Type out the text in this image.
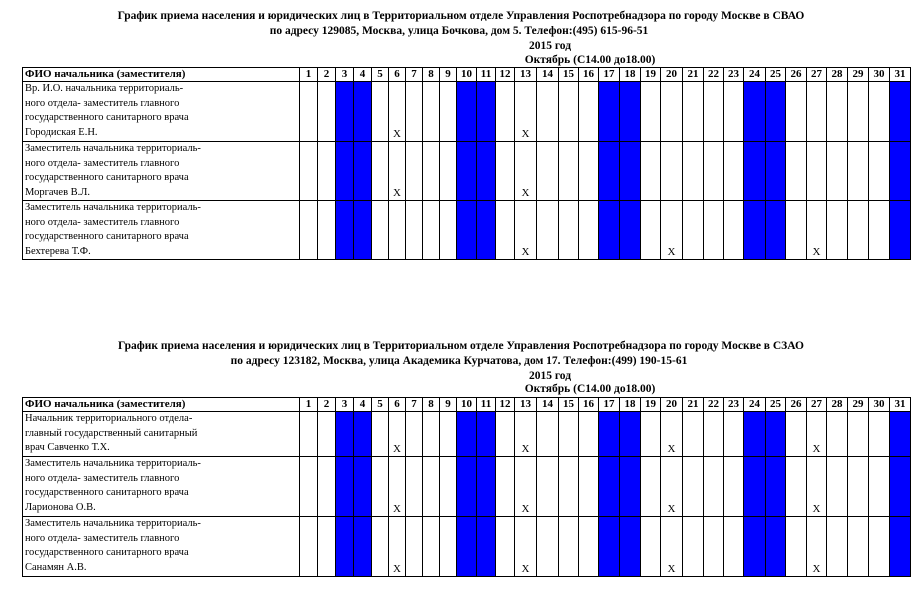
График приема населения и юридических лиц в Территориальном отделе Управления Роспотребнадзора по городу Москве в СВАО
по адресу 129085, Москва, улица Бочкова, дом 5. Телефон:(495) 615-96-51
2015 год
Октябрь (С14.00 до18.00)
ФИО начальника (заместителя)	1	2	3	4	5	6	7	8	9	10	11	12	13	14	15	16	17	18	19	20	21	22	23	24	25	26	27	28	29	30	31
Вр. И.О. начальника территориаль-
ного отдела- заместитель главного
государственного санитарного врача
Городиская Е.Н.						X							X																		
Заместитель начальника территориаль-
ного отдела- заместитель главного
государственного санитарного врача
Моргачев В.Л.						X							X																		
Заместитель начальника территориаль-
ного отдела- заместитель главного
государственного санитарного врача
Бехтерева Т.Ф.													X							X							X				
График приема населения и юридических лиц в Территориальном отделе Управления Роспотребнадзора по городу Москве в СЗАО
по адресу 123182, Москва, улица Академика Курчатова, дом 17. Телефон:(499) 190-15-61
2015 год
Октябрь (С14.00 до18.00)
ФИО начальника (заместителя)	1	2	3	4	5	6	7	8	9	10	11	12	13	14	15	16	17	18	19	20	21	22	23	24	25	26	27	28	29	30	31
Начальник территориального отдела-
главный государственный санитарный
врач Савченко Т.Х.						X							X							X							X				
Заместитель начальника территориаль-
ного отдела- заместитель главного
государственного санитарного врача
Ларионова О.В.						X							X							X							X				
Заместитель начальника территориаль-
ного отдела- заместитель главного
государственного санитарного врача
Санамян А.В.						X							X							X							X				
